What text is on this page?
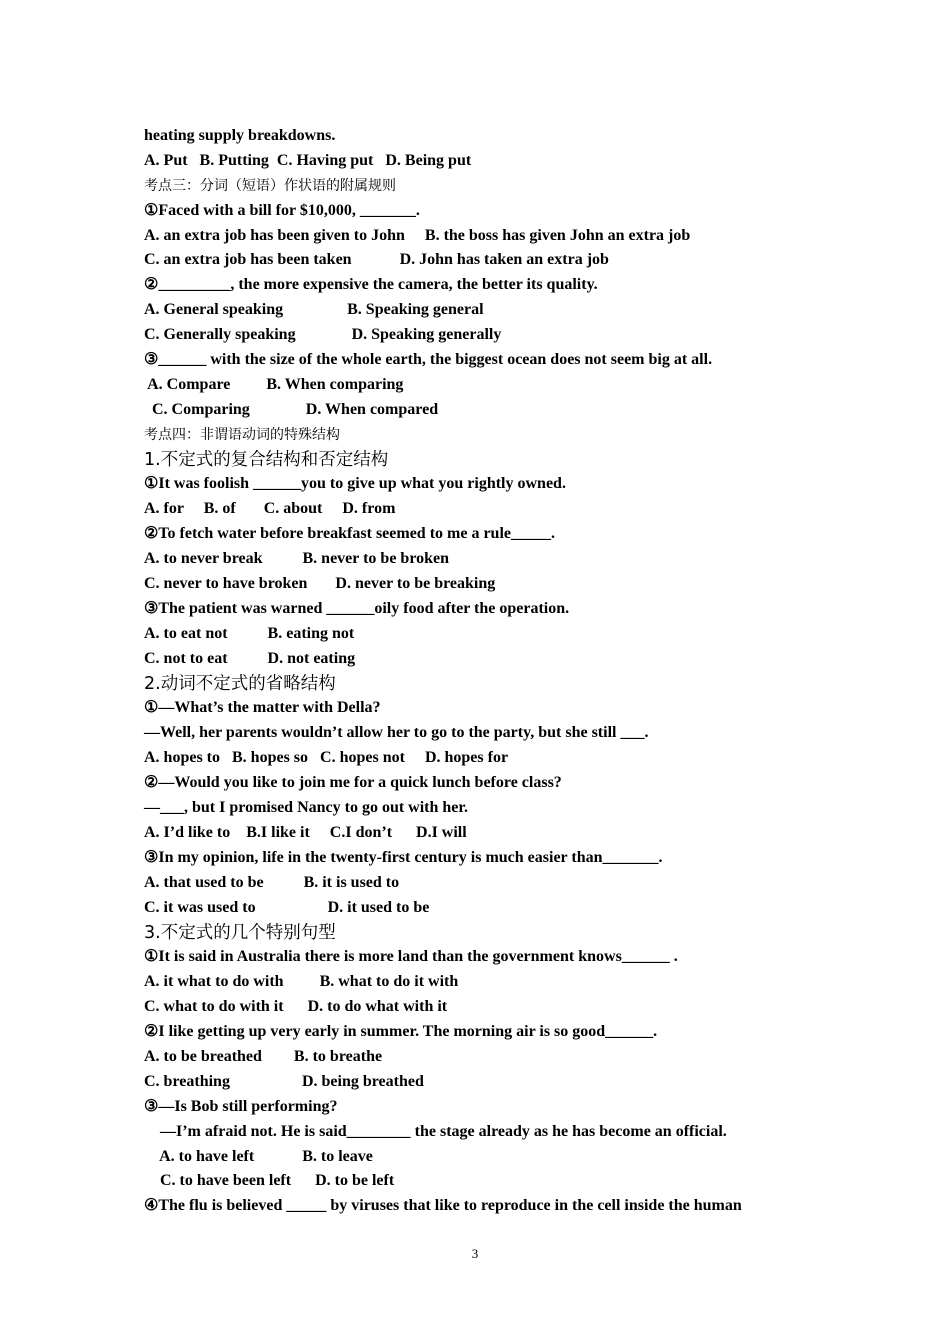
heating supply breakdowns.
A. Put   B. Putting  C. Having put   D. Being put
考点三：分词（短语）作状语的附属规则
①Faced with a bill for $10,000, _______.
A. an extra job has been given to John     B. the boss has given John an extra job
C. an extra job has been taken            D. John has taken an extra job
②_________, the more expensive the camera, the better its quality.
A. General speaking                B. Speaking general
C. Generally speaking              D. Speaking generally
③______ with the size of the whole earth, the biggest ocean does not seem big at all.
A. Compare         B. When comparing
C. Comparing              D. When compared
考点四：非谓语动词的特殊结构
1.不定式的复合结构和否定结构
①It was foolish ______you to give up what you rightly owned.
A. for     B. of       C. about     D. from
②To fetch water before breakfast seemed to me a rule_____.
A. to never break          B. never to be broken
C. never to have broken       D. never to be breaking
③The patient was warned ______oily food after the operation.
A. to eat not          B. eating not
C. not to eat          D. not eating
2.动词不定式的省略结构
①—What’s the matter with Della?
—Well, her parents wouldn’t allow her to go to the party, but she still ___.
A. hopes to   B. hopes so   C. hopes not     D. hopes for
②—Would you like to join me for a quick lunch before class?
—___, but I promised Nancy to go out with her.
A. I’d like to    B.I like it     C.I don’t      D.I will
③In my opinion, life in the twenty-first century is much easier than_______.
A. that used to be          B. it is used to
C. it was used to                  D. it used to be
3.不定式的几个特别句型
①It is said in Australia there is more land than the government knows______ .
A. it what to do with         B. what to do it with
C. what to do with it      D. to do what with it
②I like getting up very early in summer. The morning air is so good______.
A. to be breathed        B. to breathe
C. breathing                  D. being breathed
③—Is Bob still performing?
—I’m afraid not. He is said________ the stage already as he has become an official.
A. to have left            B. to leave
C. to have been left      D. to be left
④The flu is believed _____ by viruses that like to reproduce in the cell inside the human
3
